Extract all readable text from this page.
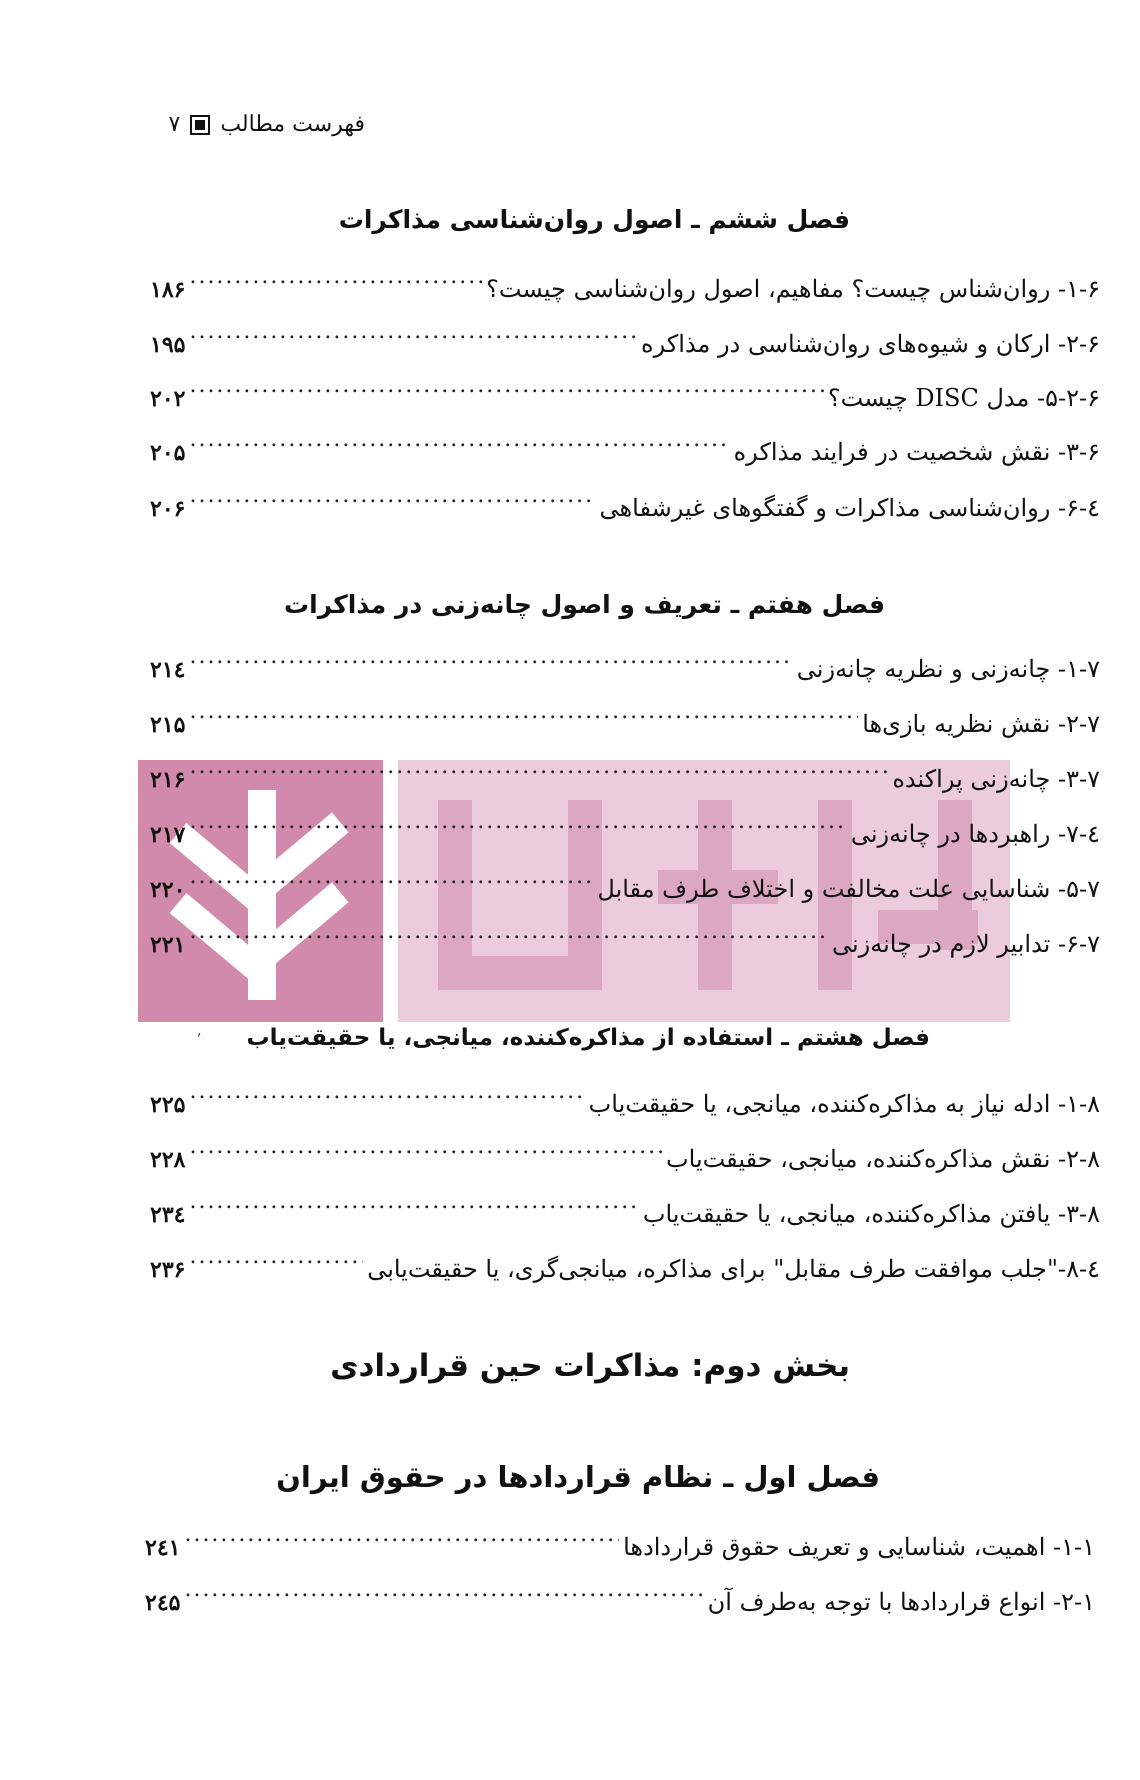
فهرست مطالب
۷
فصل ششم ـ اصول روان‌شناسی مذاکرات
۱-۶- روان‌شناس چیست؟ مفاهیم، اصول روان‌شناسی چیست؟
.....
۱۸۶
۲-۶- ارکان و شیوه‌های روان‌شناسی در مذاکره
.....
۱۹۵
۵-۲-۶- مدل DISC چیست؟
.....
۲۰۲
۳-۶- نقش شخصیت در فرایند مذاکره
.....
۲۰۵
٤-۶- روان‌شناسی مذاکرات و گفتگوهای غیرشفاهی
.....
۲۰۶
فصل هفتم ـ تعریف و اصول چانه‌زنی در مذاکرات
۱-۷- چانه‌زنی و نظریه چانه‌زنی
.....
۲۱٤
۲-۷- نقش نظریه بازی‌ها
.....
۲۱۵
۳-۷- چانه‌زنی پراکنده
.....
۲۱۶
٤-۷- راهبردها در چانه‌زنی
.....
۲۱۷
۵-۷- شناسایی علت مخالفت و اختلاف طرف مقابل
.....
۲۲۰
۶-۷- تدابیر لازم در چانه‌زنی
.....
۲۲۱
ʼ فصل هشتم ـ استفاده از مذاکره‌کننده، میانجی، یا حقیقت‌یاب
۱-۸- ادله نیاز به مذاکره‌کننده، میانجی، یا حقیقت‌یاب
.....
۲۲۵
۲-۸- نقش مذاکره‌کننده، میانجی، حقیقت‌یاب
.....
۲۲۸
۳-۸- یافتن مذاکره‌کننده، میانجی، یا حقیقت‌یاب
.....
۲۳٤
٤-۸-"جلب موافقت طرف مقابل" برای مذاکره، میانجی‌گری، یا حقیقت‌یابی
.....
۲۳۶
بخش دوم: مذاکرات حین قراردادی
فصل اول ـ نظام قراردادها در حقوق ایران
۱-۱- اهمیت، شناسایی و تعریف حقوق قراردادها
.....
۲٤۱
۲-۱- انواع قراردادها با توجه به‌طرف آن
.....
۲٤۵
